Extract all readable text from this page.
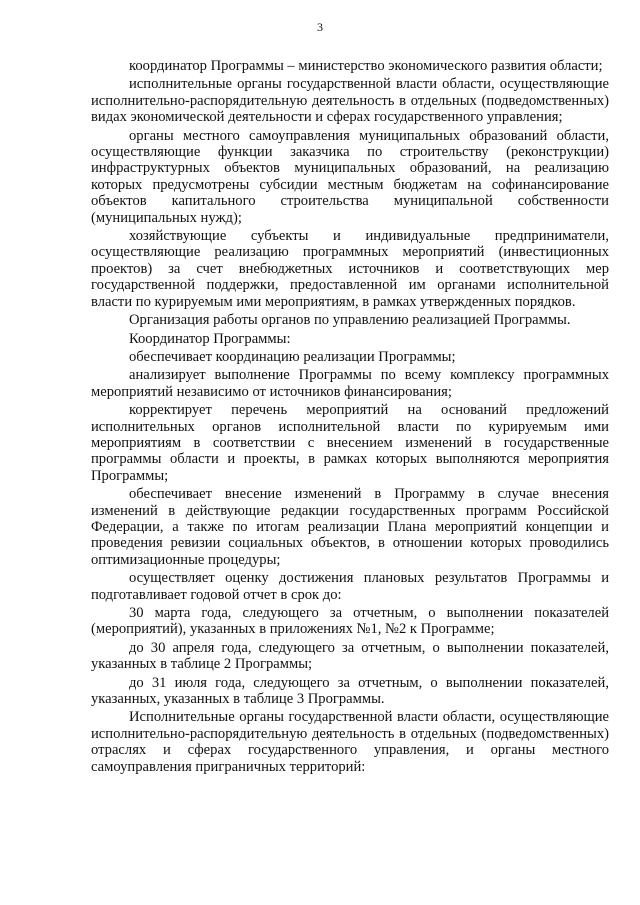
3

координатор Программы – министерство экономического развития области;

исполнительные органы государственной власти области, осуществляющие исполнительно-распорядительную деятельность в отдельных (подведомственных) видах экономической деятельности и сферах государственного управления;

органы местного самоуправления муниципальных образований области, осуществляющие функции заказчика по строительству (реконструкции) инфраструктурных объектов муниципальных образований, на реализацию которых предусмотрены субсидии местным бюджетам на софинансирование объектов капитального строительства муниципальной собственности (муниципальных нужд);

хозяйствующие субъекты и индивидуальные предприниматели, осуществляющие реализацию программных мероприятий (инвестиционных проектов) за счет внебюджетных источников и соответствующих мер государственной поддержки, предоставленной им органами исполнительной власти по курируемым ими мероприятиям, в рамках утвержденных порядков.

Организация работы органов по управлению реализацией Программы.

Координатор Программы:

обеспечивает координацию реализации Программы;

анализирует выполнение Программы по всему комплексу программных мероприятий независимо от источников финансирования;

корректирует перечень мероприятий на оснований предложений исполнительных органов исполнительной власти по курируемым ими мероприятиям в соответствии с внесением изменений в государственные программы области и проекты, в рамках которых выполняются мероприятия Программы;

обеспечивает внесение изменений в Программу в случае внесения изменений в действующие редакции государственных программ Российской Федерации, а также по итогам реализации Плана мероприятий концепции и проведения ревизии социальных объектов, в отношении которых проводились оптимизационные процедуры;

осуществляет оценку достижения плановых результатов Программы и подготавливает годовой отчет в срок до:

30 марта года, следующего за отчетным, о выполнении показателей (мероприятий), указанных в приложениях №1, №2 к Программе;

до 30 апреля года, следующего за отчетным, о выполнении показателей, указанных в таблице 2 Программы;

до 31 июля года, следующего за отчетным, о выполнении показателей, указанных, указанных в таблице 3 Программы.

Исполнительные органы государственной власти области, осуществляющие исполнительно-распорядительную деятельность в отдельных (подведомственных) отраслях и сферах государственного управления, и органы местного самоуправления приграничных территорий:
